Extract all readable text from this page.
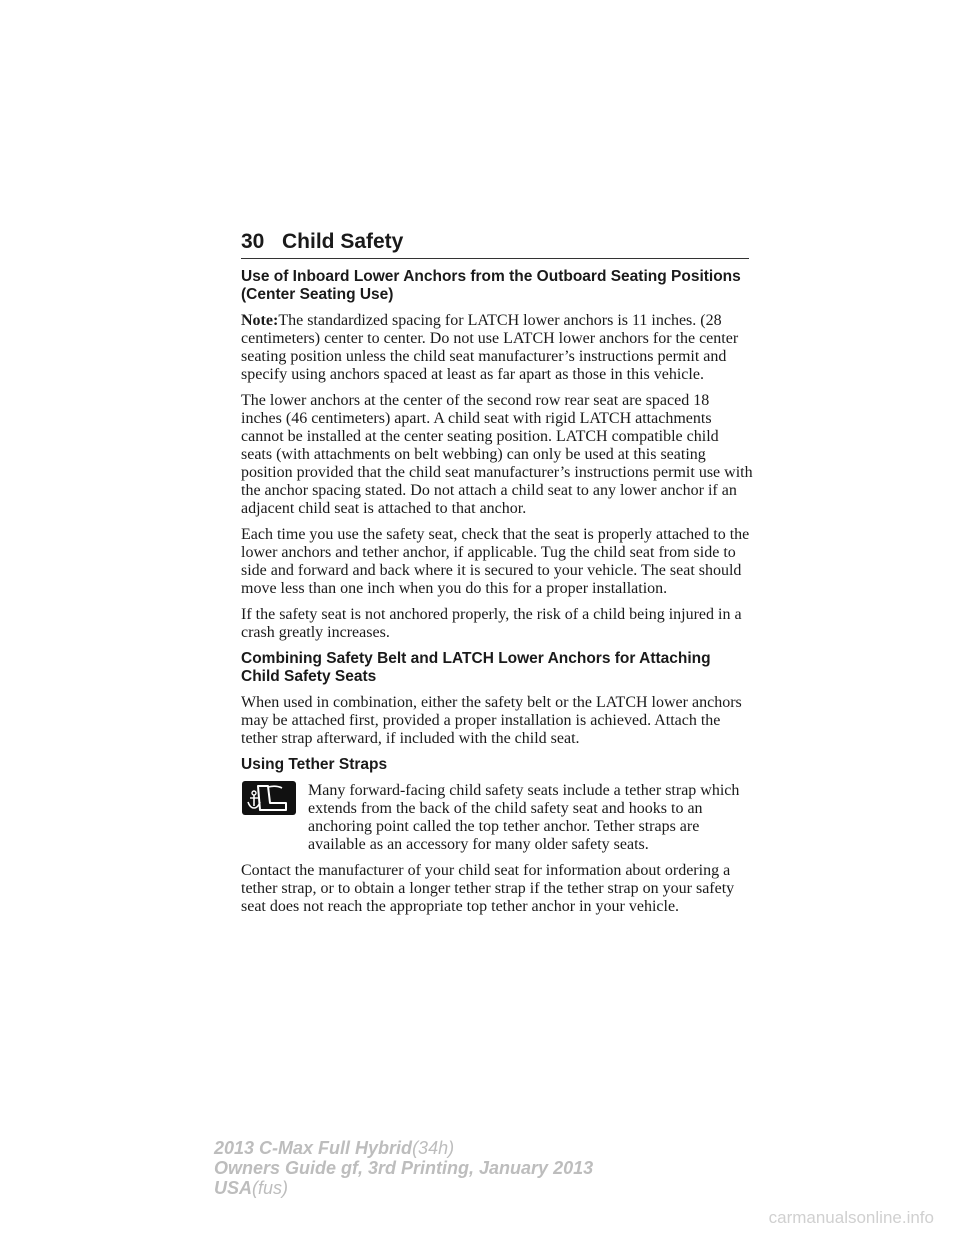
30 Child Safety
Use of Inboard Lower Anchors from the Outboard Seating Positions (Center Seating Use)

Note:The standardized spacing for LATCH lower anchors is 11 inches. (28 centimeters) center to center. Do not use LATCH lower anchors for the center seating position unless the child seat manufacturer’s instructions permit and specify using anchors spaced at least as far apart as those in this vehicle.

The lower anchors at the center of the second row rear seat are spaced 18 inches (46 centimeters) apart. A child seat with rigid LATCH attachments cannot be installed at the center seating position. LATCH compatible child seats (with attachments on belt webbing) can only be used at this seating position provided that the child seat manufacturer’s instructions permit use with the anchor spacing stated. Do not attach a child seat to any lower anchor if an adjacent child seat is attached to that anchor.

Each time you use the safety seat, check that the seat is properly attached to the lower anchors and tether anchor, if applicable. Tug the child seat from side to side and forward and back where it is secured to your vehicle. The seat should move less than one inch when you do this for a proper installation.

If the safety seat is not anchored properly, the risk of a child being injured in a crash greatly increases.

Combining Safety Belt and LATCH Lower Anchors for Attaching Child Safety Seats

When used in combination, either the safety belt or the LATCH lower anchors may be attached first, provided a proper installation is achieved. Attach the tether strap afterward, if included with the child seat.

Using Tether Straps

Many forward-facing child safety seats include a tether strap which extends from the back of the child safety seat and hooks to an anchoring point called the top tether anchor. Tether straps are available as an accessory for many older safety seats.

Contact the manufacturer of your child seat for information about ordering a tether strap, or to obtain a longer tether strap if the tether strap on your safety seat does not reach the appropriate top tether anchor in your vehicle.

2013 C-Max Full Hybrid(34h)
Owners Guide gf, 3rd Printing, January 2013
USA(fus)
carmanualsonline.info
